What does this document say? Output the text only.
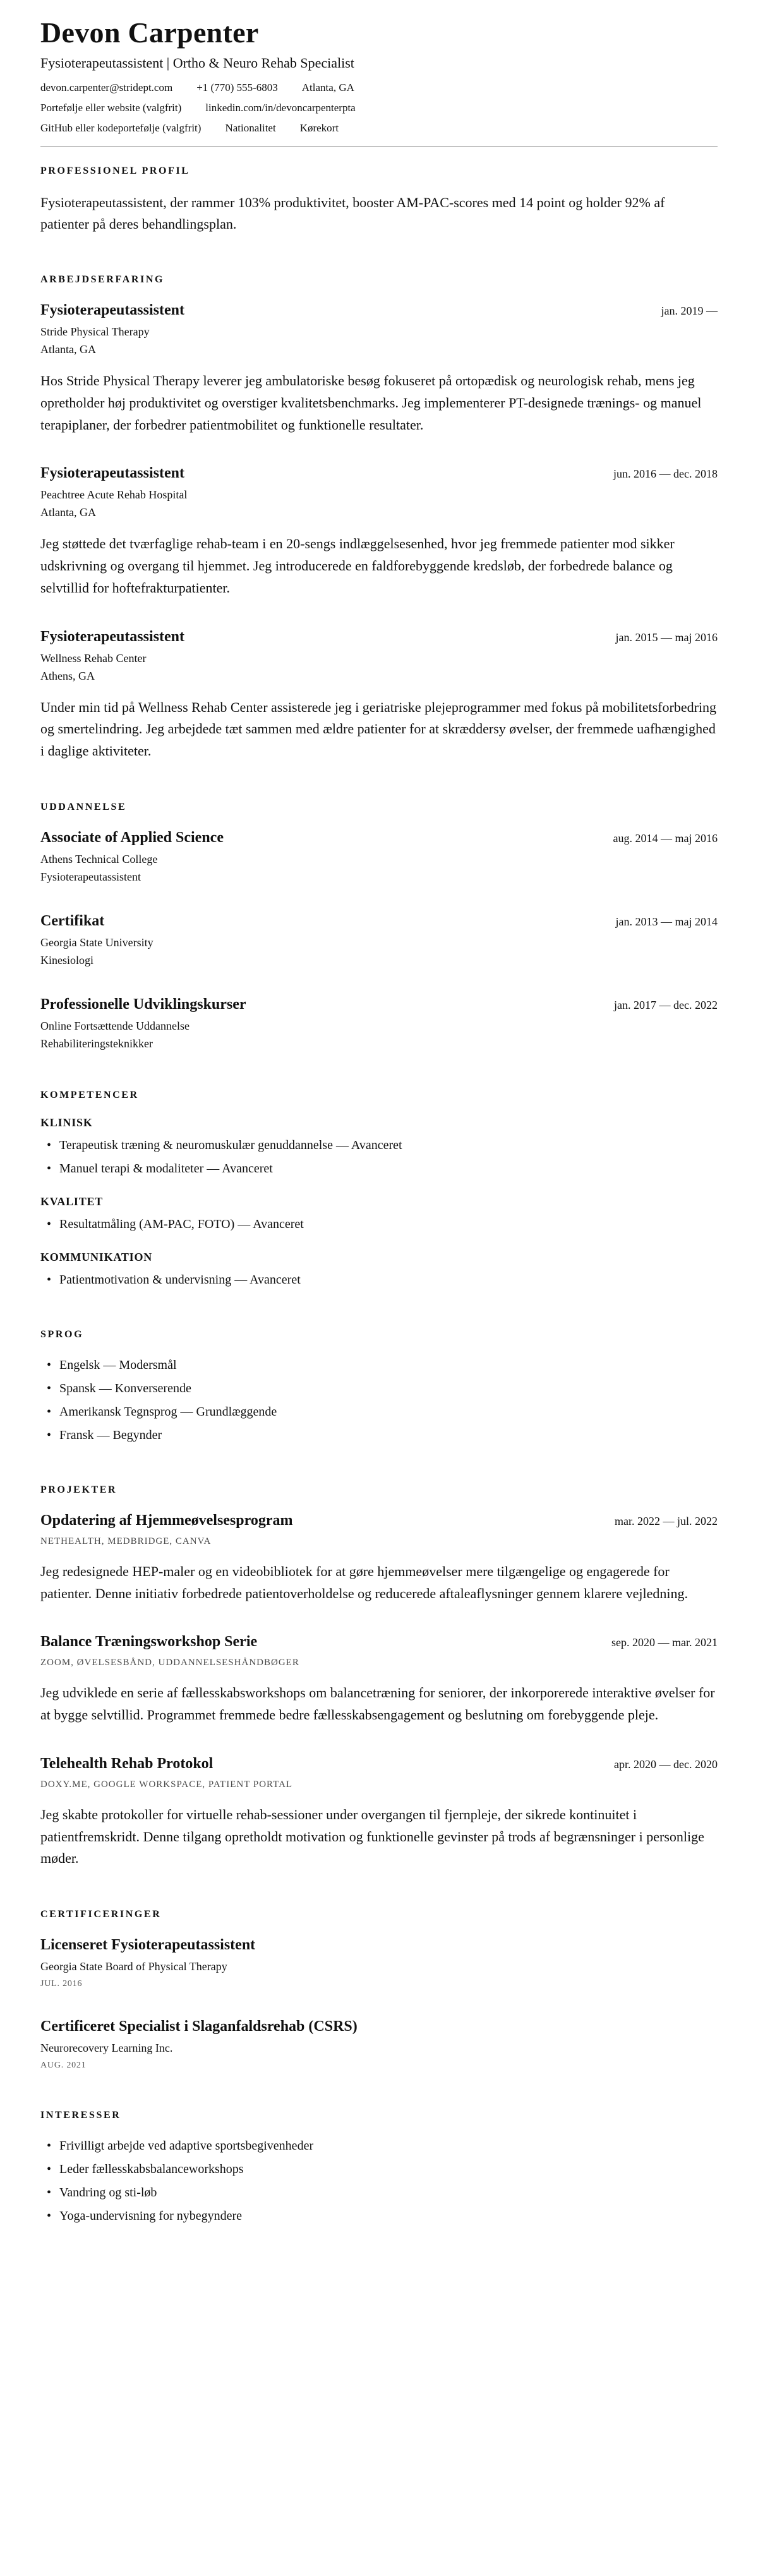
Devon Carpenter

Fysioterapeutassistent | Ortho & Neuro Rehab Specialist

devon.carpenter@stridept.com +1 (770) 555-6803 Atlanta, GA
Portefølje eller website (valgfrit) linkedin.com/in/devoncarpenterpta
GitHub eller kodeportefølje (valgfrit) Nationalitet Kørekort
PROFESSIONEL PROFIL

Fysioterapeutassistent, der rammer 103% produktivitet, booster AM-PAC-scores med 14 point og holder 92% af patienter på deres behandlingsplan.

ARBEJDSERFARING
Fysioterapeutassistent	jan. 2019 —

Stride Physical Therapy

Atlanta, GA

Hos Stride Physical Therapy leverer jeg ambulatoriske besøg fokuseret på ortopædisk og neurologisk rehab, mens jeg opretholder høj produktivitet og overstiger kvalitetsbenchmarks. Jeg implementerer PT-designede trænings- og manuel terapiplaner, der forbedrer patientmobilitet og funktionelle resultater.

Fysioterapeutassistent	jun. 2016 — dec. 2018

Peachtree Acute Rehab Hospital

Atlanta, GA

Jeg støttede det tværfaglige rehab-team i en 20-sengs indlæggelsesenhed, hvor jeg fremmede patienter mod sikker udskrivning og overgang til hjemmet. Jeg introducerede en faldforebyggende kredsløb, der forbedrede balance og selvtillid for hoftefrakturpatienter.

Fysioterapeutassistent	jan. 2015 — maj 2016

Wellness Rehab Center

Athens, GA

Under min tid på Wellness Rehab Center assisterede jeg i geriatriske plejeprogrammer med fokus på mobilitetsforbedring og smertelindring. Jeg arbejdede tæt sammen med ældre patienter for at skræddersy øvelser, der fremmede uafhængighed i daglige aktiviteter.

UDDANNELSE
Associate of Applied Science	aug. 2014 — maj 2016

Athens Technical College

Fysioterapeutassistent

Certifikat	jan. 2013 — maj 2014

Georgia State University

Kinesiologi

Professionelle Udviklingskurser	jan. 2017 — dec. 2022

Online Fortsættende Uddannelse

Rehabiliteringsteknikker

KOMPETENCER
KLINISK
• Terapeutisk træning & neuromuskulær genuddannelse — Avanceret
• Manuel terapi & modaliteter — Avanceret
KVALITET
• Resultatmåling (AM-PAC, FOTO) — Avanceret
KOMMUNIKATION
• Patientmotivation & undervisning — Avanceret
SPROG
• Engelsk — Modersmål
• Spansk — Konverserende
• Amerikansk Tegnsprog — Grundlæggende
• Fransk — Begynder
PROJEKTER
Opdatering af Hjemmeøvelsesprogram	mar. 2022 — jul. 2022

NETHEALTH, MEDBRIDGE, CANVA

Jeg redesignede HEP-maler og en videobibliotek for at gøre hjemmeøvelser mere tilgængelige og engagerede for patienter. Denne initiativ forbedrede patientoverholdelse og reducerede aftaleaflysninger gennem klarere vejledning.

Balance Træningsworkshop Serie	sep. 2020 — mar. 2021

ZOOM, ØVELSESBÅND, UDDANNELSESHÅNDBØGER

Jeg udviklede en serie af fællesskabsworkshops om balancetræning for seniorer, der inkorporerede interaktive øvelser for at bygge selvtillid. Programmet fremmede bedre fællesskabsengagement og beslutning om forebyggende pleje.

Telehealth Rehab Protokol	apr. 2020 — dec. 2020

DOXY.ME, GOOGLE WORKSPACE, PATIENT PORTAL

Jeg skabte protokoller for virtuelle rehab-sessioner under overgangen til fjernpleje, der sikrede kontinuitet i patientfremskridt. Denne tilgang opretholdt motivation og funktionelle gevinster på trods af begrænsninger i personlige møder.

CERTIFICERINGER
Licenseret Fysioterapeutassistent

Georgia State Board of Physical Therapy

JUL. 2016

Certificeret Specialist i Slaganfaldsrehab (CSRS)

Neurorecovery Learning Inc.

AUG. 2021

INTERESSER
• Frivilligt arbejde ved adaptive sportsbegivenheder
• Leder fællesskabsbalanceworkshops
• Vandring og sti-løb
• Yoga-undervisning for nybegyndere
